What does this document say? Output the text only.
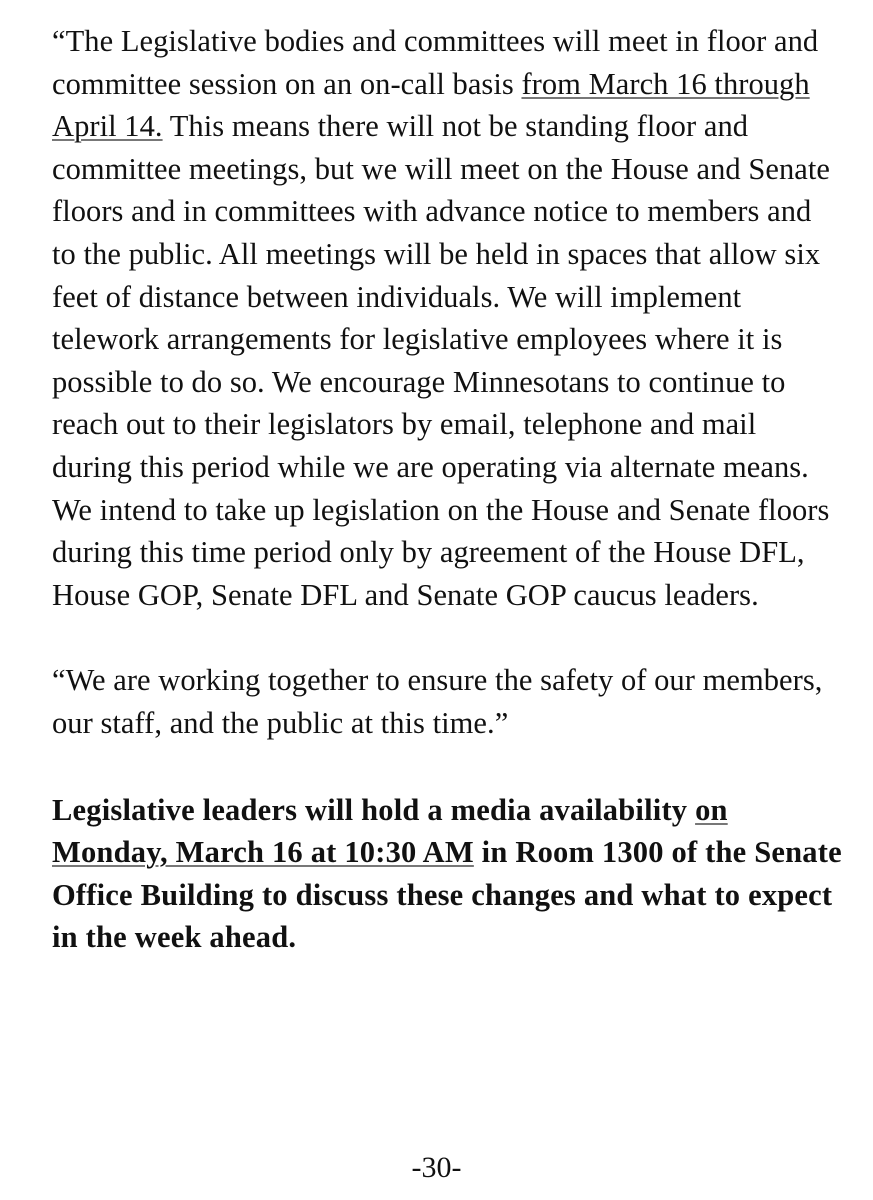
“The Legislative bodies and committees will meet in floor and committee session on an on-call basis from March 16 through April 14. This means there will not be standing floor and committee meetings, but we will meet on the House and Senate floors and in committees with advance notice to members and to the public. All meetings will be held in spaces that allow six feet of distance between individuals. We will implement telework arrangements for legislative employees where it is possible to do so. We encourage Minnesotans to continue to reach out to their legislators by email, telephone and mail during this period while we are operating via alternate means. We intend to take up legislation on the House and Senate floors during this time period only by agreement of the House DFL, House GOP, Senate DFL and Senate GOP caucus leaders.

“We are working together to ensure the safety of our members, our staff, and the public at this time.”

Legislative leaders will hold a media availability on Monday, March 16 at 10:30 AM in Room 1300 of the Senate Office Building to discuss these changes and what to expect in the week ahead.

-30-
